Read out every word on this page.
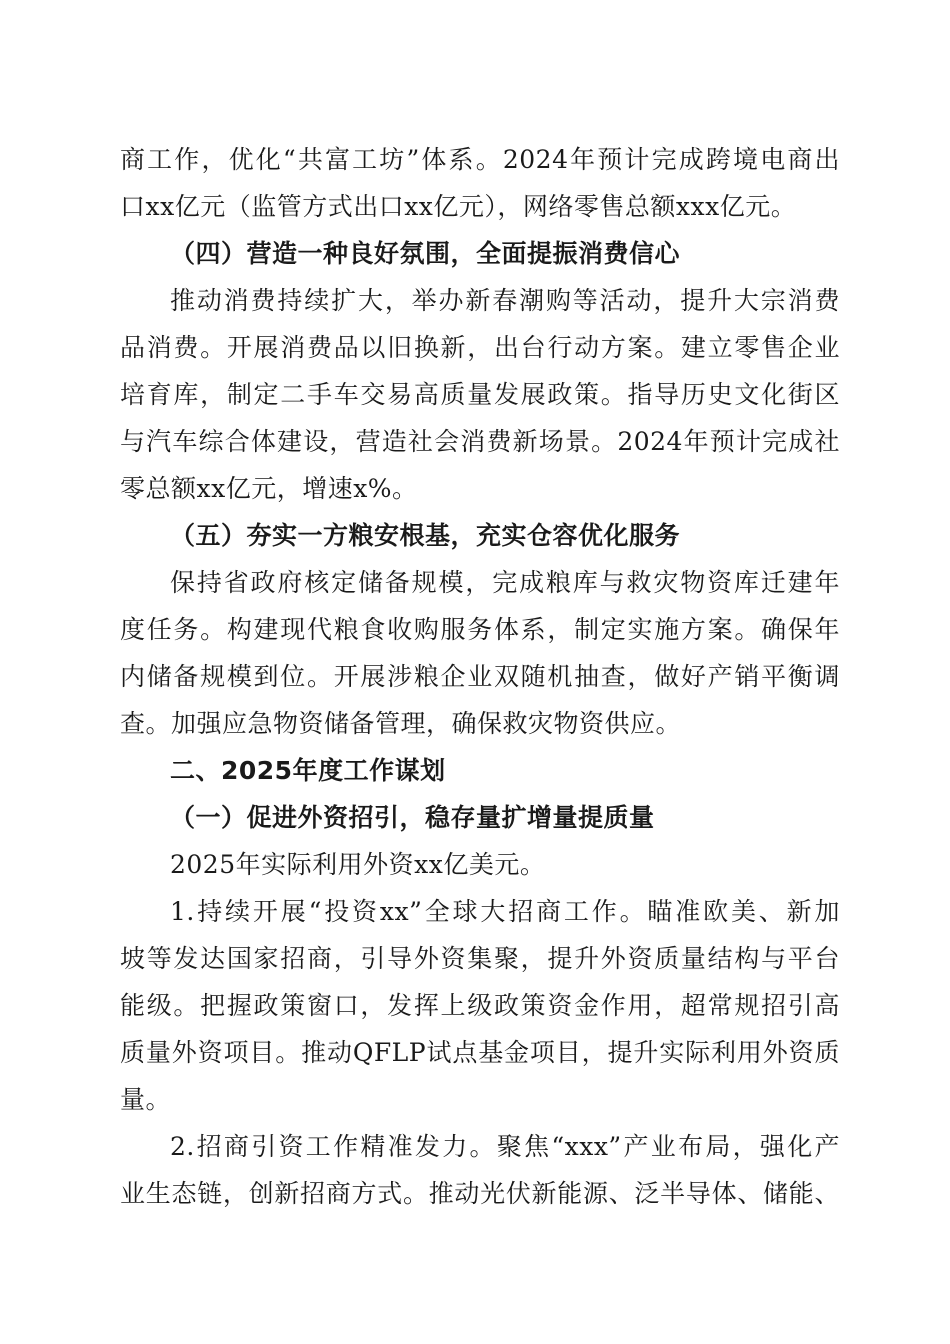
商工作，优化“共富工坊”体系。2024年预计完成跨境电商出
口xx亿元（监管方式出口xx亿元），网络零售总额xxx亿元。
（四）营造一种良好氛围，全面提振消费信心
推动消费持续扩大，举办新春潮购等活动，提升大宗消费
品消费。开展消费品以旧换新，出台行动方案。建立零售企业
培育库，制定二手车交易高质量发展政策。指导历史文化街区
与汽车综合体建设，营造社会消费新场景。2024年预计完成社
零总额xx亿元，增速x%。
（五）夯实一方粮安根基，充实仓容优化服务
保持省政府核定储备规模，完成粮库与救灾物资库迁建年
度任务。构建现代粮食收购服务体系，制定实施方案。确保年
内储备规模到位。开展涉粮企业双随机抽查，做好产销平衡调
查。加强应急物资储备管理，确保救灾物资供应。
二、2025年度工作谋划
（一）促进外资招引，稳存量扩增量提质量
2025年实际利用外资xx亿美元。
1.持续开展“投资xx”全球大招商工作。瞄准欧美、新加
坡等发达国家招商，引导外资集聚，提升外资质量结构与平台
能级。把握政策窗口，发挥上级政策资金作用，超常规招引高
质量外资项目。推动QFLP试点基金项目，提升实际利用外资质
量。
2.招商引资工作精准发力。聚焦“xxx”产业布局，强化产
业生态链，创新招商方式。推动光伏新能源、泛半导体、储能、
